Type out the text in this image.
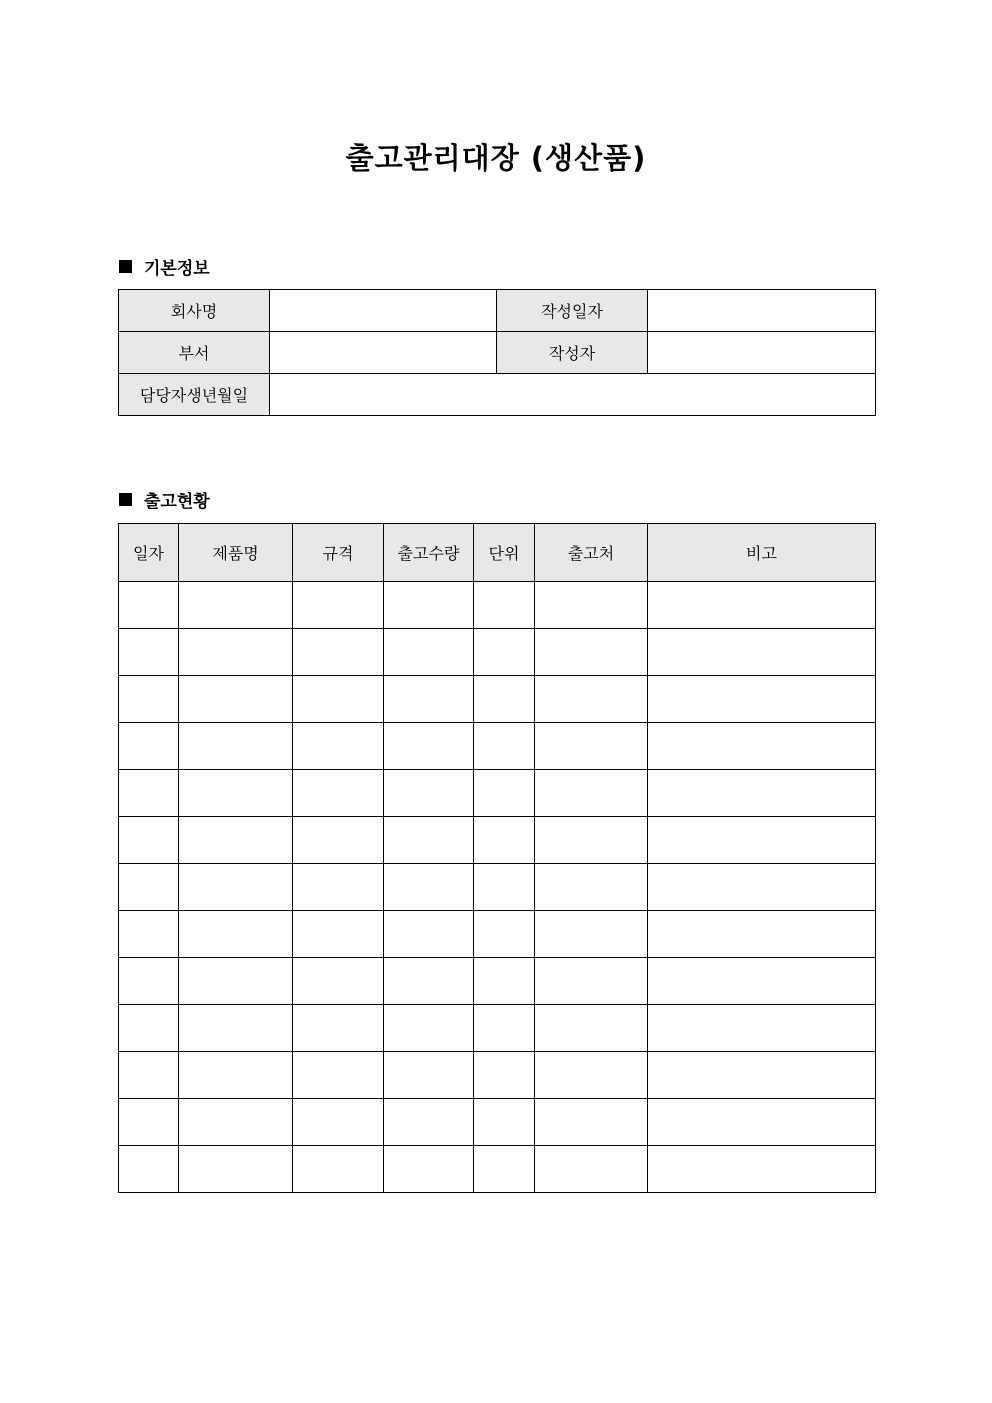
출고관리대장 (생산품)
기본정보
회사명		작성일자	
부서		작성자	
담당자생년월일			
출고현황
일자	제품명	규격	출고수량	단위	출고처	비고
